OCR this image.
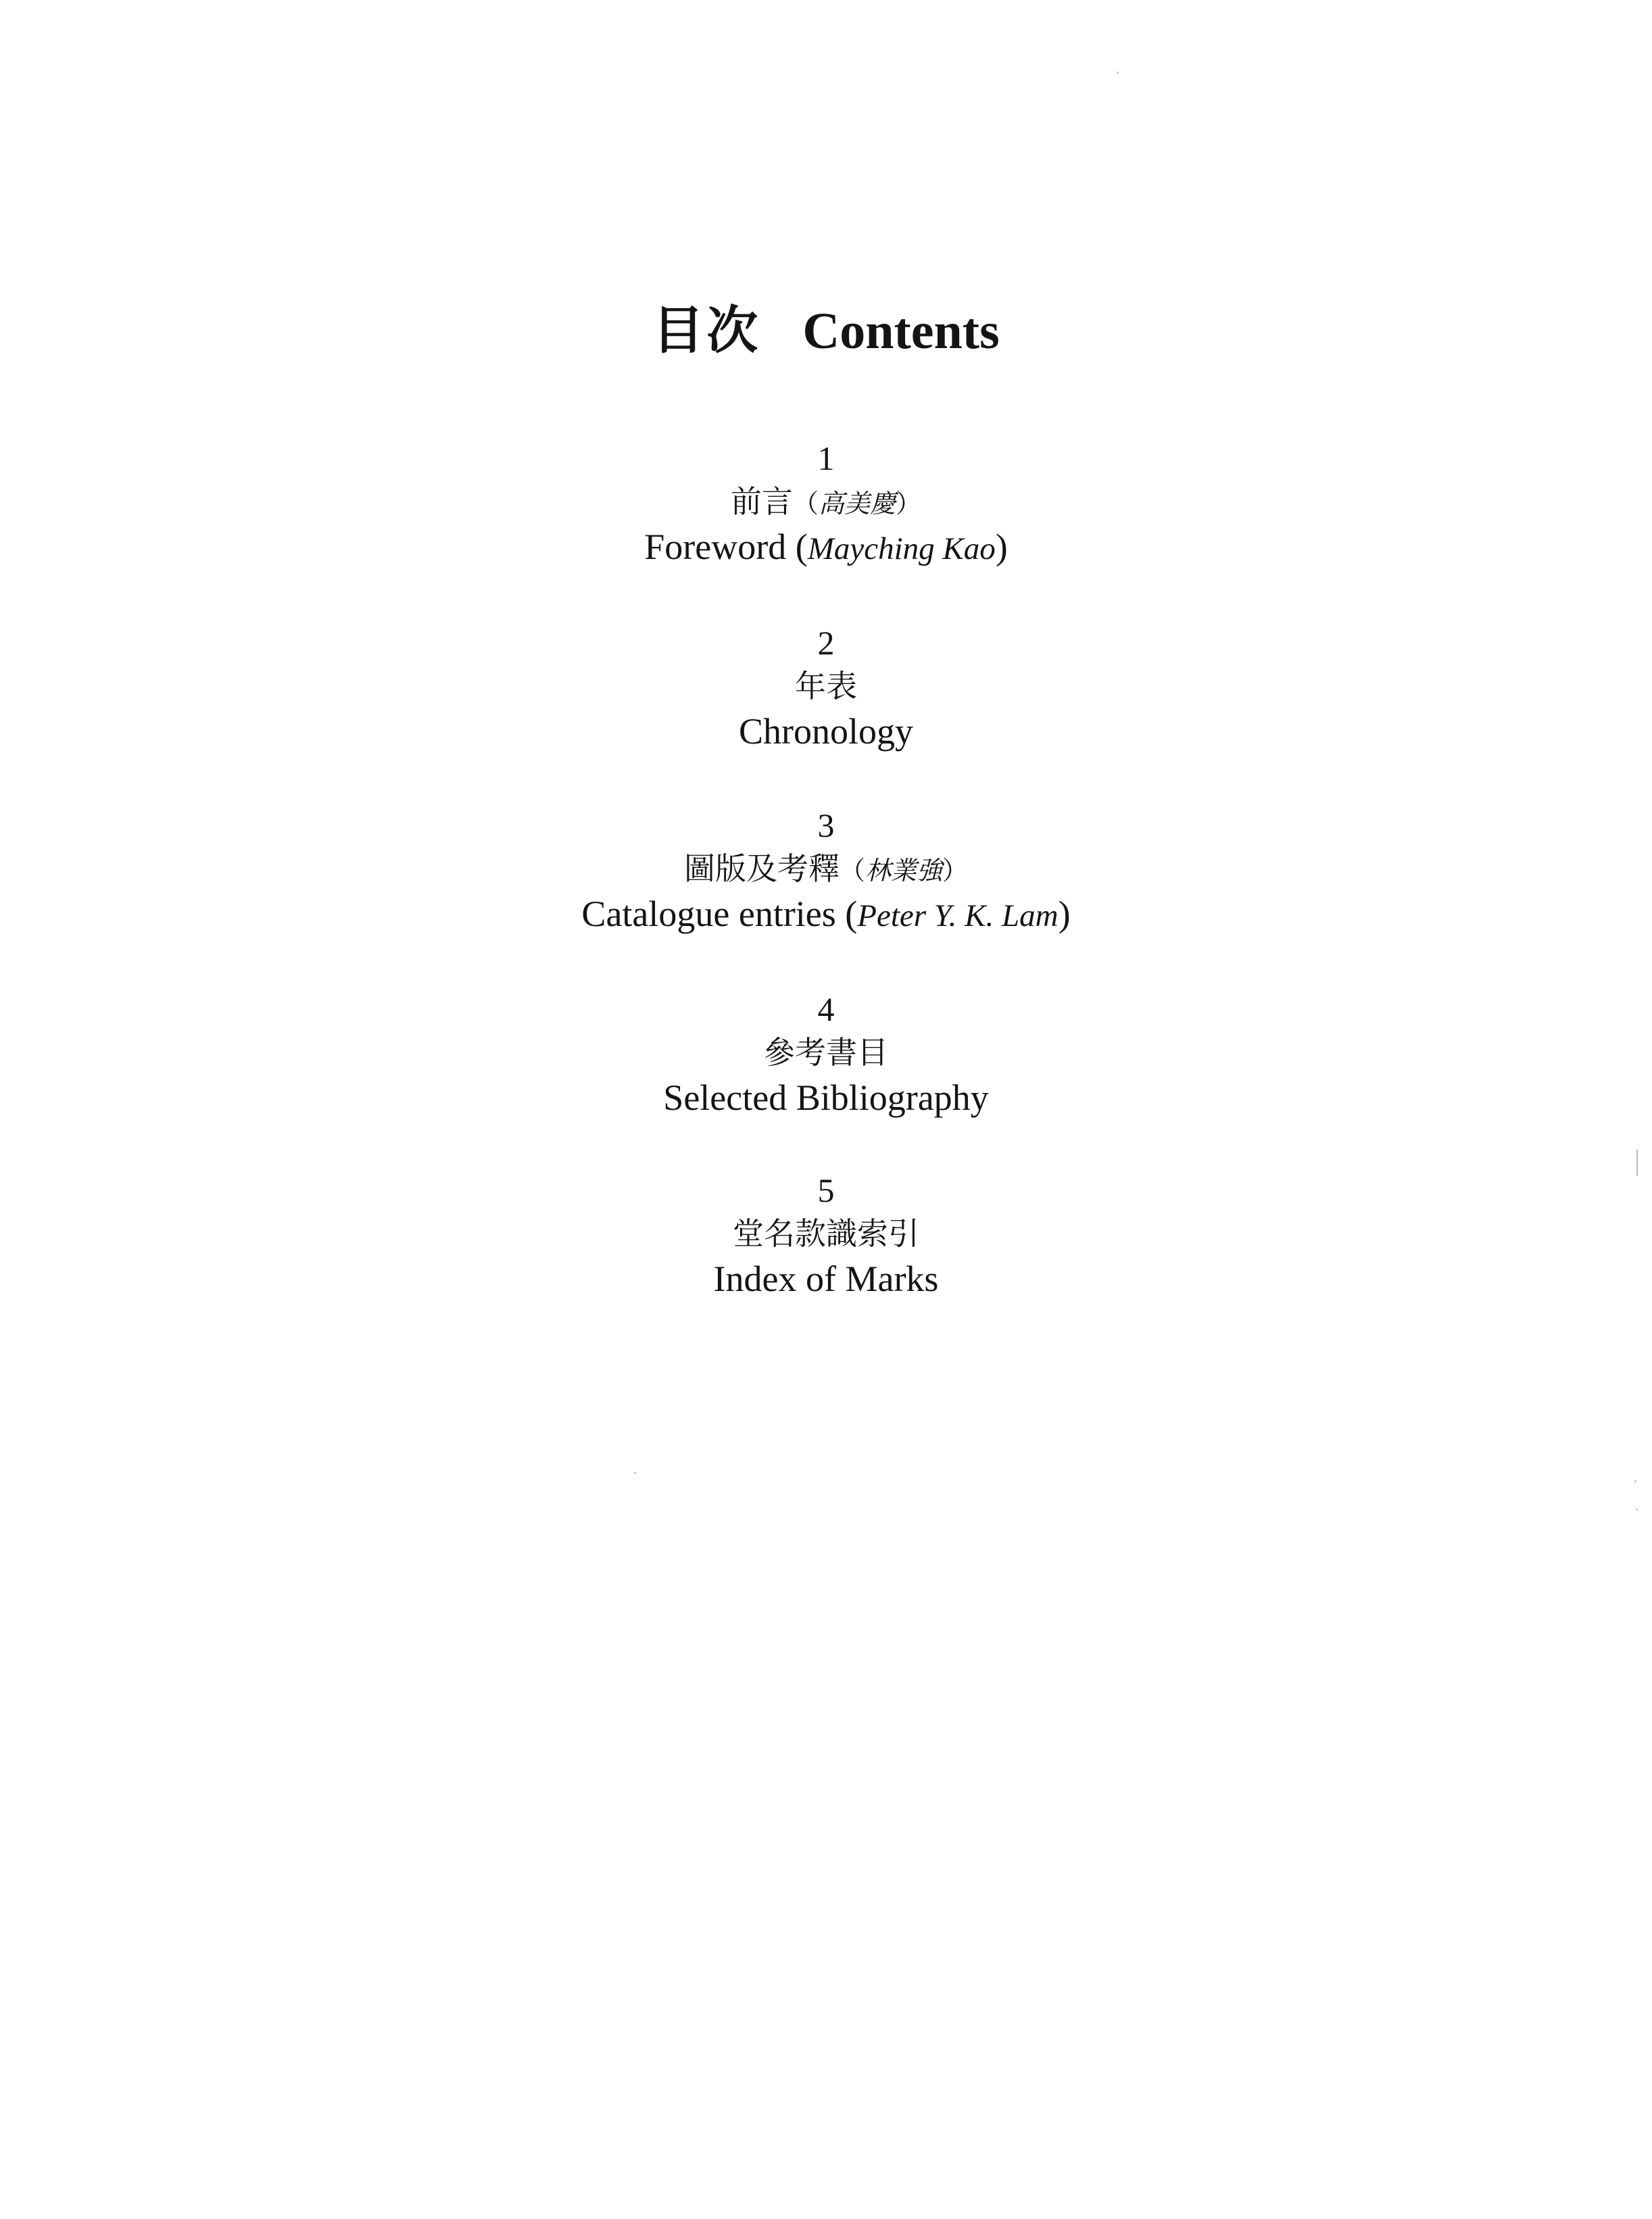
目次 Contents
1
前言（高美慶）
Foreword (Mayching Kao)
2
年表
Chronology
3
圖版及考釋（林業強）
Catalogue entries (Peter Y. K. Lam)
4
參考書目
Selected Bibliography
5
堂名款識索引
Index of Marks
